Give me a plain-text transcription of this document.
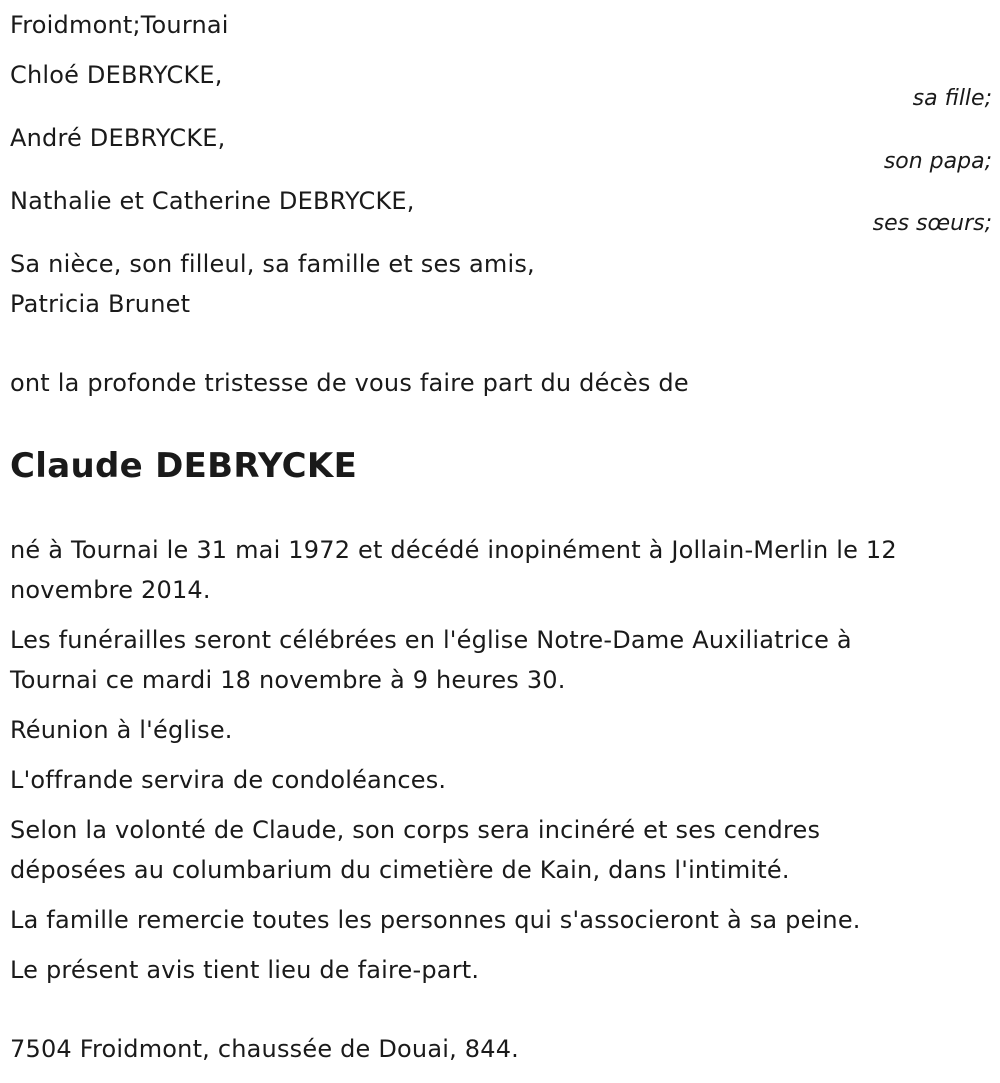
Froidmont;Tournai
Chloé DEBRYCKE,
sa fille;
André DEBRYCKE,
son papa;
Nathalie et Catherine DEBRYCKE,
ses sœurs;
Sa nièce, son filleul, sa famille et ses amis,
Patricia Brunet
ont la profonde tristesse de vous faire part du décès de
Claude DEBRYCKE
né à Tournai le 31 mai 1972 et décédé inopinément à Jollain-Merlin le 12
novembre 2014.
Les funérailles seront célébrées en l'église Notre-Dame Auxiliatrice à
Tournai ce mardi 18 novembre à 9 heures 30.
Réunion à l'église.
L'offrande servira de condoléances.
Selon la volonté de Claude, son corps sera incinéré et ses cendres
déposées au columbarium du cimetière de Kain, dans l'intimité.
La famille remercie toutes les personnes qui s'associeront à sa peine.
Le présent avis tient lieu de faire-part.
7504 Froidmont, chaussée de Douai, 844.
